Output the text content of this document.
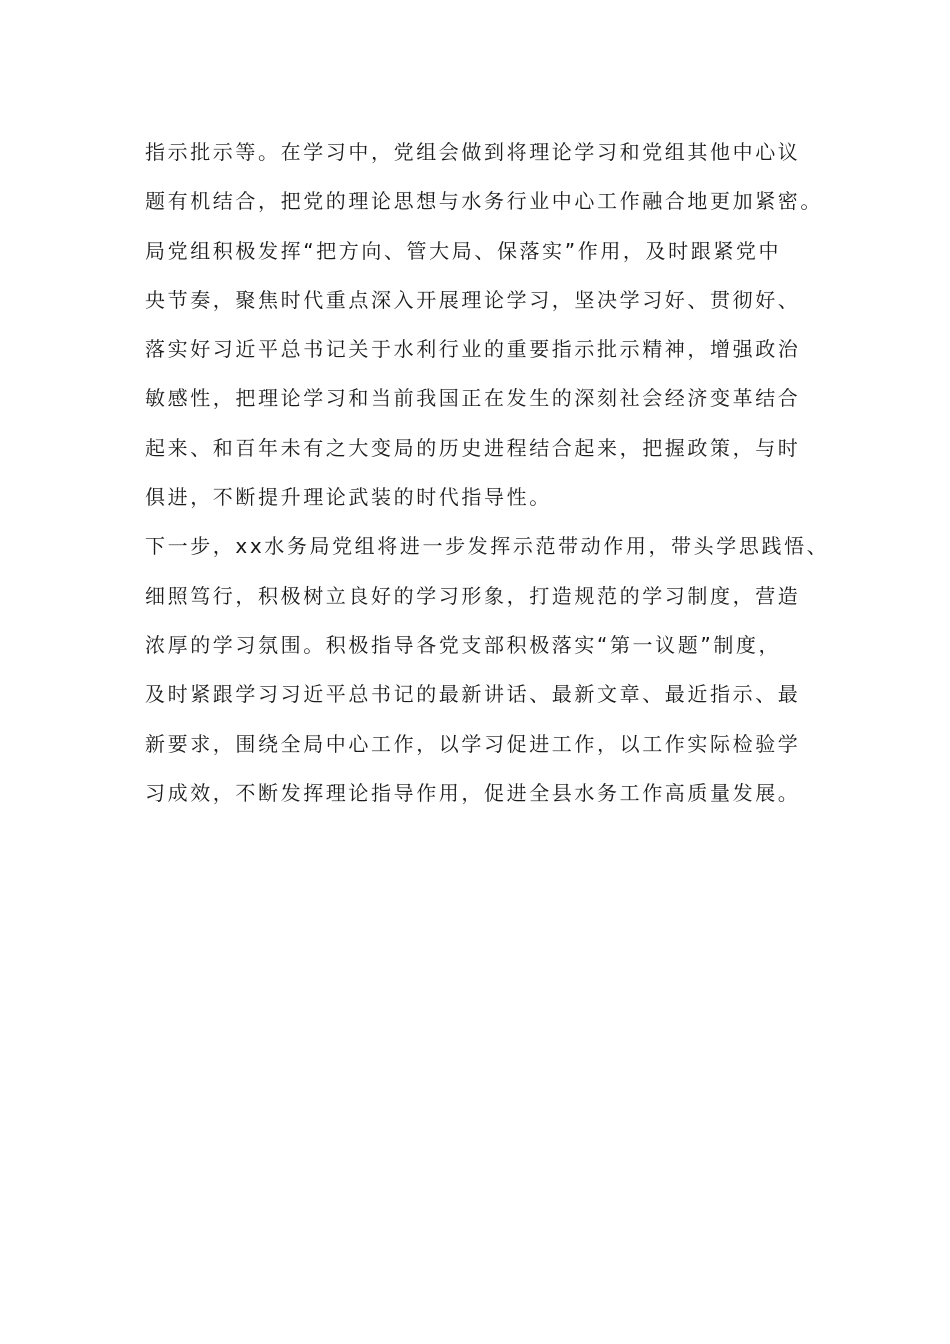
指示批示等。在学习中，党组会做到将理论学习和党组其他中心议
题有机结合，把党的理论思想与水务行业中心工作融合地更加紧密。
局党组积极发挥“把方向、管大局、保落实”作用，及时跟紧党中
央节奏，聚焦时代重点深入开展理论学习，坚决学习好、贯彻好、
落实好习近平总书记关于水利行业的重要指示批示精神，增强政治
敏感性，把理论学习和当前我国正在发生的深刻社会经济变革结合
起来、和百年未有之大变局的历史进程结合起来，把握政策，与时
俱进，不断提升理论武装的时代指导性。
下一步，xx水务局党组将进一步发挥示范带动作用，带头学思践悟、
细照笃行，积极树立良好的学习形象，打造规范的学习制度，营造
浓厚的学习氛围。积极指导各党支部积极落实“第一议题”制度，
及时紧跟学习习近平总书记的最新讲话、最新文章、最近指示、最
新要求，围绕全局中心工作，以学习促进工作，以工作实际检验学
习成效，不断发挥理论指导作用，促进全县水务工作高质量发展。
